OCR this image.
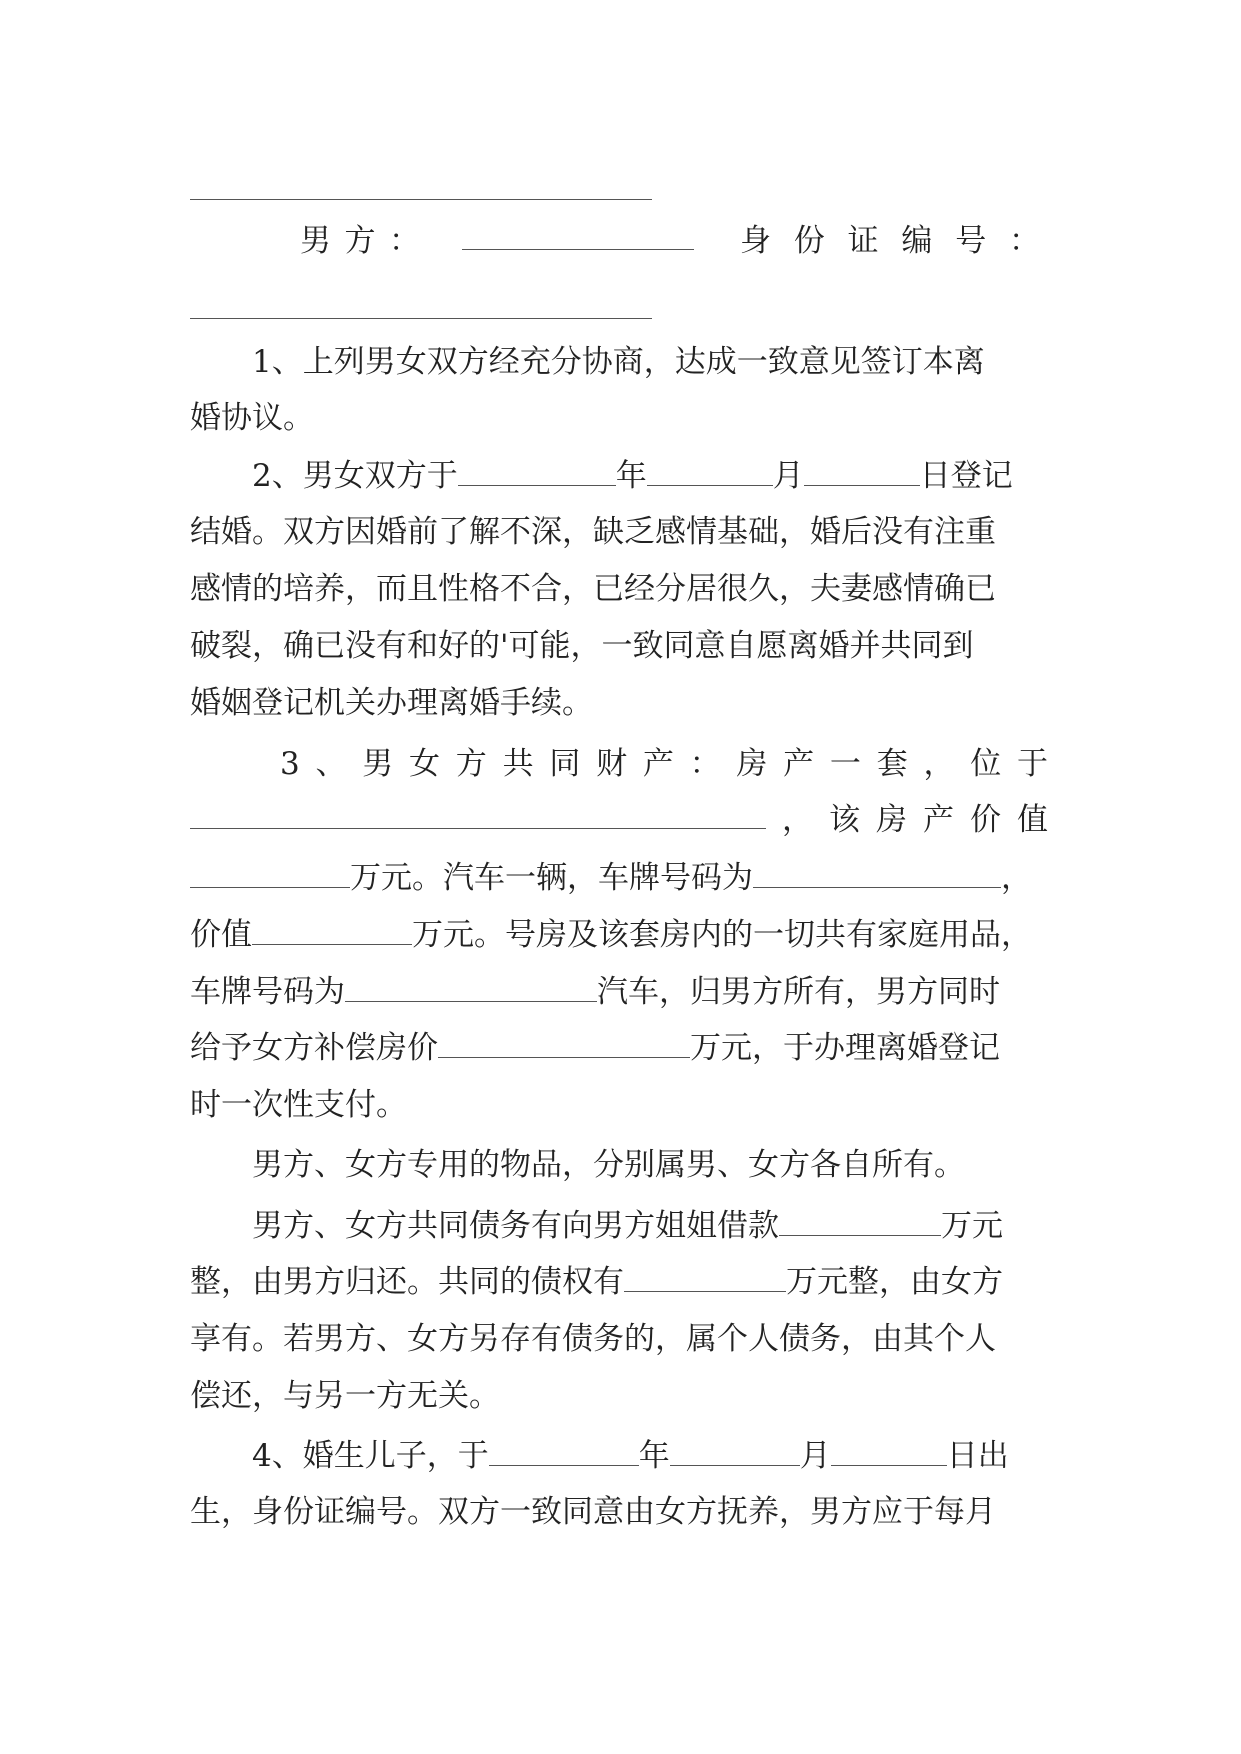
男 方 ：	身 份 证 编 号 ：
1、上列男女双方经充分协商，达成一致意见签订本离
婚协议。
2、男女双方于	年	月	日登记
结婚。双方因婚前了解不深，缺乏感情基础，婚后没有注重
感情的培养，而且性格不合，已经分居很久，夫妻感情确已
破裂，确已没有和好的'可能，一致同意自愿离婚并共同到
婚姻登记机关办理离婚手续。
3 、 男 女 方 共 同 财 产 ： 房 产 一 套 ， 位 于
， 该 房 产 价 值
万元。汽车一辆，车牌号码为	，
价值	万元。号房及该套房内的一切共有家庭用品，
车牌号码为	汽车，归男方所有，男方同时
给予女方补偿房价	万元，于办理离婚登记
时一次性支付。
男方、女方专用的物品，分别属男、女方各自所有。
男方、女方共同债务有向男方姐姐借款	万元
整，由男方归还。共同的债权有	万元整，由女方
享有。若男方、女方另存有债务的，属个人债务，由其个人
偿还，与另一方无关。
4、婚生儿子，于	年	月	日出
生，身份证编号。双方一致同意由女方抚养，男方应于每月
